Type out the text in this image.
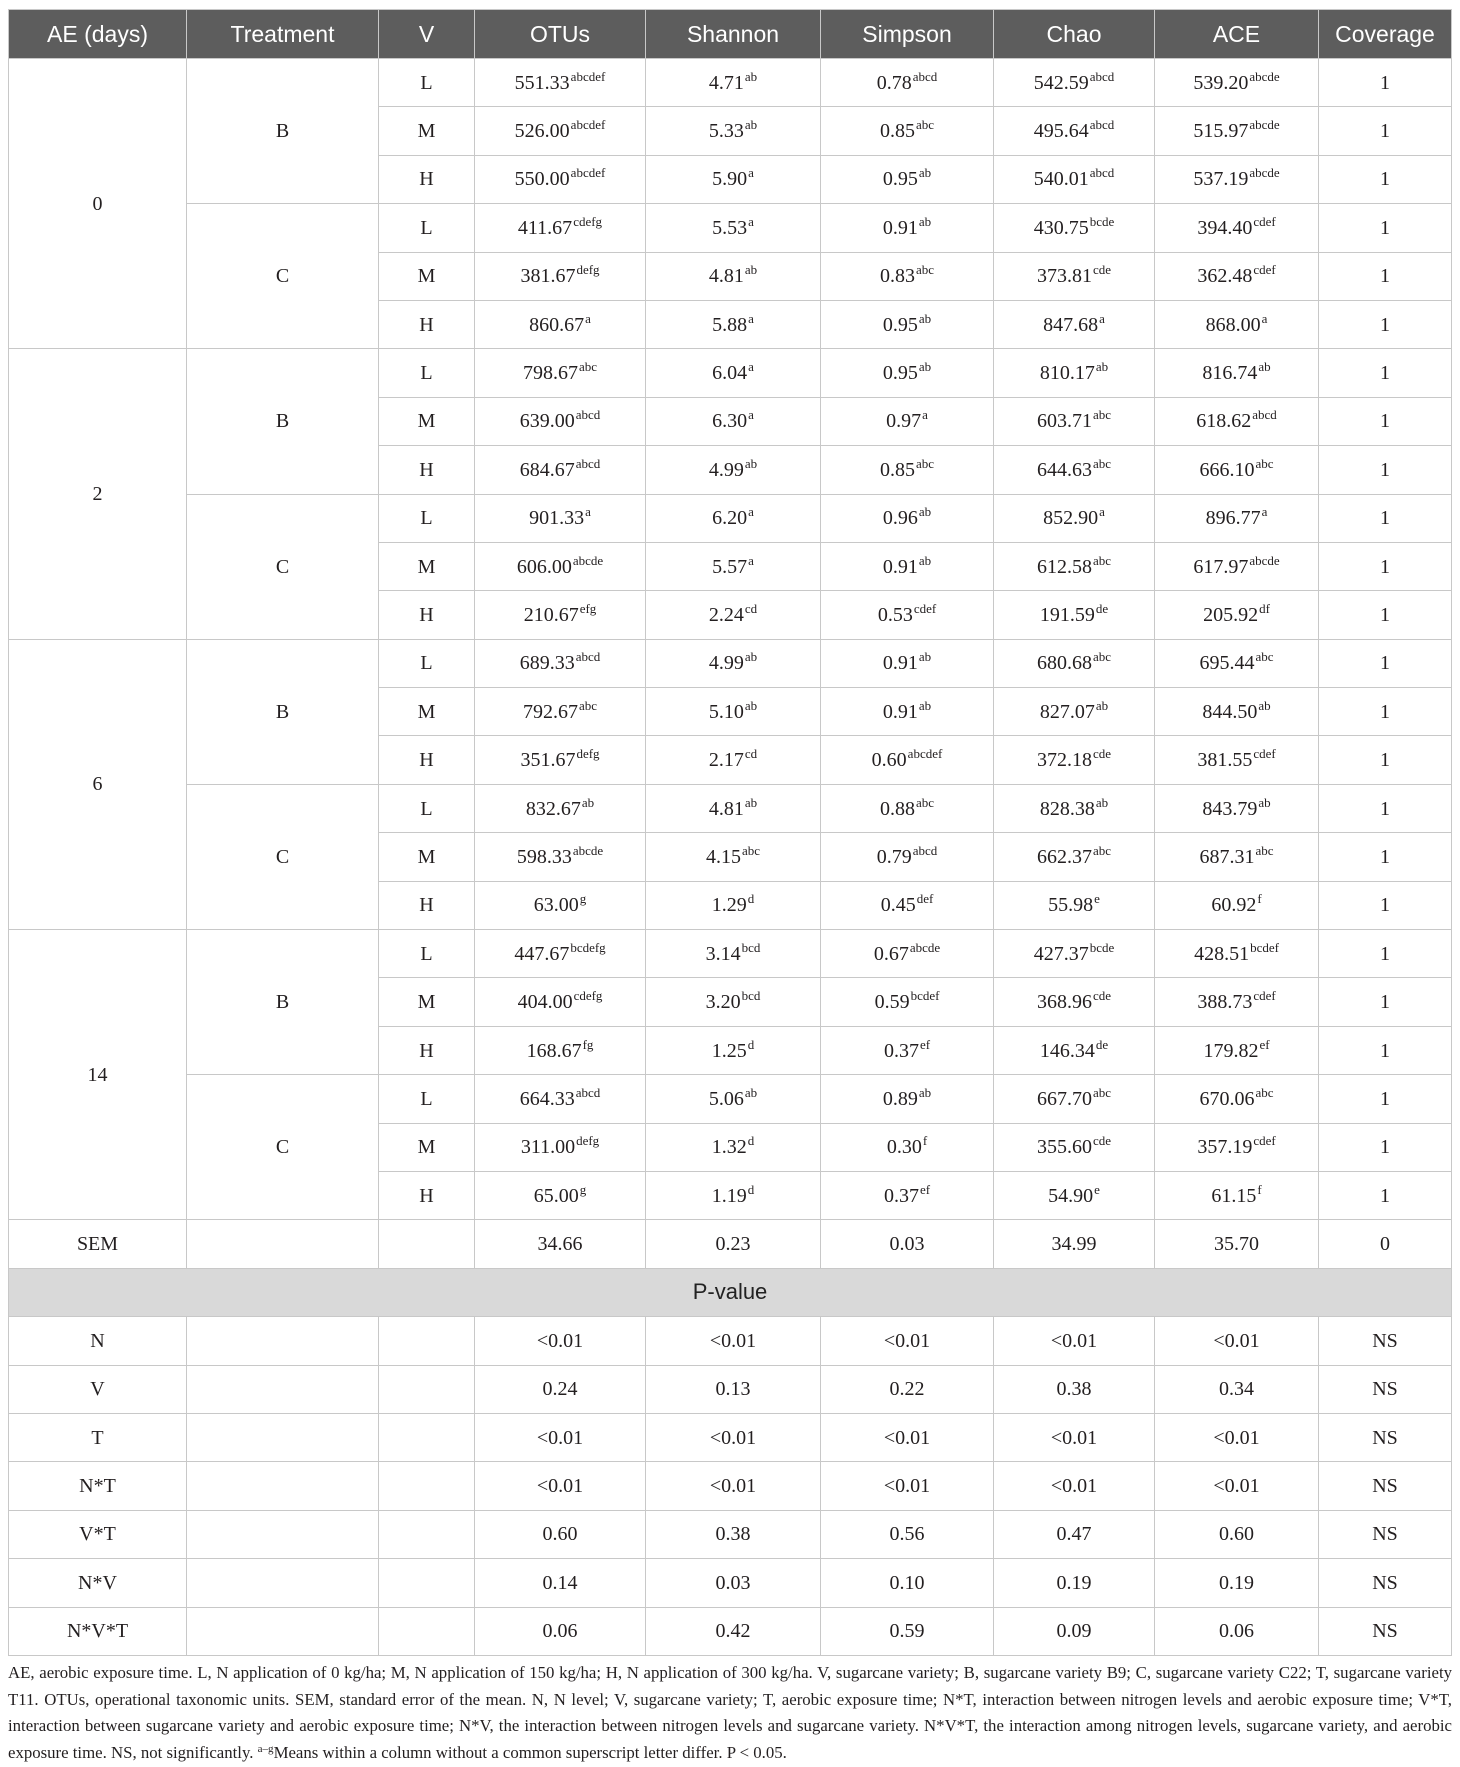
AE (days)	Treatment	V	OTUs	Shannon	Simpson	Chao	ACE	Coverage
0
B
L	$551.33^{abcdef}$	4.71$^{ab}$	$0.78^{abcd}$	$542.59^{abcd}$	$539.20^{abcde}$	1
M	$526.00^{abcdef}$	5.33$^{ab}$	0.85$^{abc}$	$495.64^{abcd}$	$515.97^{abcde}$	1
H	$550.00^{abcdef}$	5.90$^a$	0.95$^{ab}$	$540.01^{abcd}$	$537.19^{abcde}$	1
C
L	$411.67^{cdefg}$	5.53$^a$	0.91$^{ab}$	$430.75^{bcde}$	$394.40^{cdef}$	1
M	$381.67^{defg}$	4.81$^{ab}$	0.83$^{abc}$	373.81$^{cde}$	$362.48^{cdef}$	1
H	860.67$^a$	5.88$^a$	0.95$^{ab}$	847.68$^a$	868.00$^a$	1
2
B
L	798.67$^{abc}$	6.04$^a$	0.95$^{ab}$	810.17$^{ab}$	816.74$^{ab}$	1
M	$639.00^{abcd}$	6.30$^a$	0.97$^a$	603.71$^{abc}$	$618.62^{abcd}$	1
H	$684.67^{abcd}$	4.99$^{ab}$	0.85$^{abc}$	644.63$^{abc}$	666.10$^{abc}$	1
C
L	901.33$^a$	6.20$^a$	0.96$^{ab}$	852.90$^a$	896.77$^a$	1
M	$606.00^{abcde}$	5.57$^a$	0.91$^{ab}$	612.58$^{abc}$	$617.97^{abcde}$	1
H	210.67$^{efg}$	2.24$^{cd}$	$0.53^{cdef}$	191.59de	205.92$^{df}$	1
6
B
L	$689.33^{abcd}$	4.99$^{ab}$	0.91$^{ab}$	680.68$^{abc}$	695.44$^{abc}$	1
M	792.67$^{abc}$	5.10$^{ab}$	0.91$^{ab}$	827.07$^{ab}$	844.50$^{ab}$	1
H	$351.67^{defg}$	2.17$^{cd}$	$0.60^{abcdef}$	372.18$^{cde}$	$381.55^{cdef}$	1
C
L	832.67$^{ab}$	4.81$^{ab}$	0.88$^{abc}$	828.38$^{ab}$	843.79$^{ab}$	1
M	$598.33^{abcde}$	4.15$^{abc}$	$0.79^{abcd}$	662.37$^{abc}$	687.31$^{abc}$	1
H	63.00$^g$	1.29$^d$	0.45$^{def}$	55.98e	60.92$^f$	1
14
B
L	$447.67^{bcdefg}$	3.14$^{bcd}$	$0.67^{abcde}$	$427.37^{bcde}$	$428.51^{bcdef}$	1
M	$404.00^{cdefg}$	3.20$^{bcd}$	$0.59^{bcdef}$	368.96$^{cde}$	$388.73^{cdef}$	1
H	168.67$^{fg}$	1.25$^d$	0.37$^{ef}$	146.34de	179.82$^{ef}$	1
C
L	$664.33^{abcd}$	5.06$^{ab}$	0.89$^{ab}$	667.70$^{abc}$	670.06$^{abc}$	1
M	$311.00^{defg}$	1.32$^d$	0.30$^f$	355.60$^{cde}$	$357.19^{cdef}$	1
H	65.00$^g$	1.19$^d$	0.37$^{ef}$	54.90e	61.15$^f$	1
SEM	34.66	0.23	0.03	34.99	35.70	0
P-value
N	<0.01	<0.01	<0.01	<0.01	<0.01	NS
V	0.24	0.13	0.22	0.38	0.34	NS
T	<0.01	<0.01	<0.01	<0.01	<0.01	NS
N*T	<0.01	<0.01	<0.01	<0.01	<0.01	NS
V*T	0.60	0.38	0.56	0.47	0.60	NS
N*V	0.14	0.03	0.10	0.19	0.19	NS
N*V*T	0.06	0.42	0.59	0.09	0.06	NS

AE, aerobic exposure time. L, N application of 0 kg/ha; M, N application of 150 kg/ha; H, N application of 300 kg/ha. V, sugarcane variety; B, sugarcane variety B9; C, sugarcane variety C22; T, sugarcane variety T11. OTUs, operational taxonomic units. SEM, standard error of the mean. N, N level; V, sugarcane variety; T, aerobic exposure time; N*T, interaction between nitrogen levels and aerobic exposure time; V*T, interaction between sugarcane variety and aerobic exposure time; N*V, the interaction between nitrogen levels and sugarcane variety. N*V*T, the interaction among nitrogen levels, sugarcane variety, and aerobic exposure time. NS, not significantly. $^{a-g}$Means within a column without a common superscript letter differ. P < 0.05.
